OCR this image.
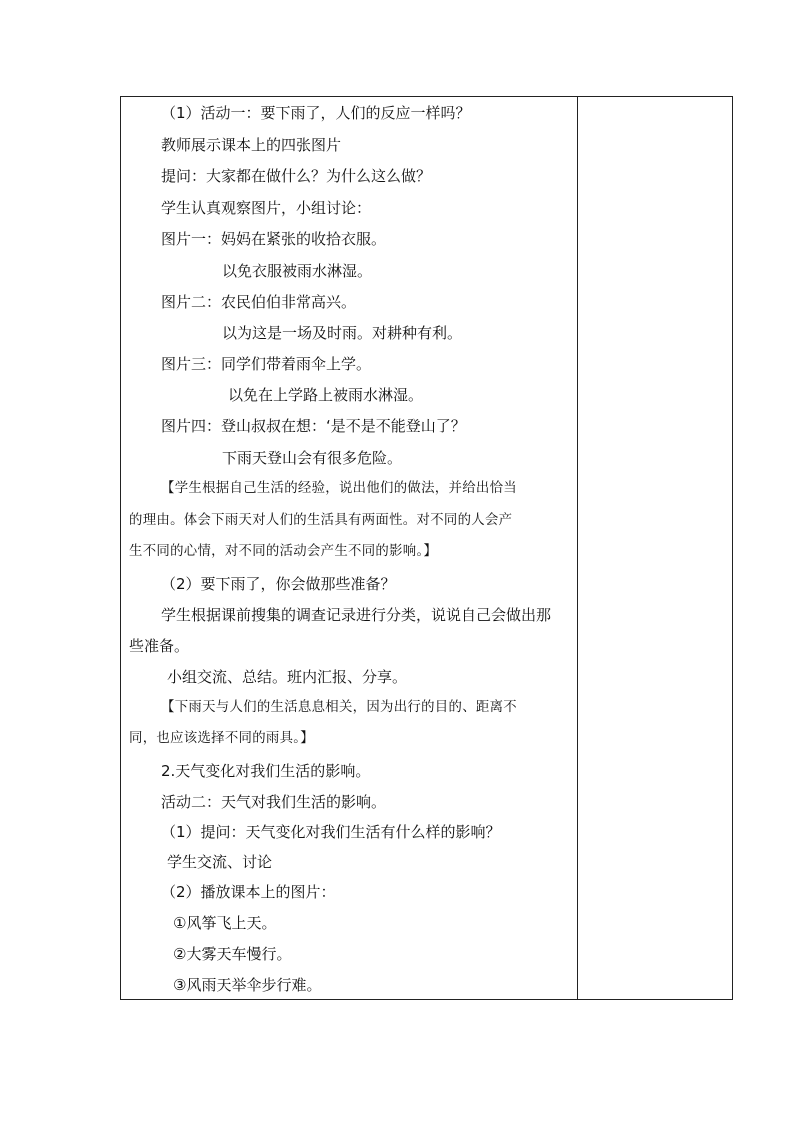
（1）活动一：要下雨了，人们的反应一样吗？
教师展示课本上的四张图片
提问：大家都在做什么？为什么这么做？
学生认真观察图片，小组讨论：
图片一：妈妈在紧张的收拾衣服。
以免衣服被雨水淋湿。
图片二：农民伯伯非常高兴。
以为这是一场及时雨。对耕种有利。
图片三：同学们带着雨伞上学。
以免在上学路上被雨水淋湿。
图片四：登山叔叔在想：‘是不是不能登山了？
下雨天登山会有很多危险。
【学生根据自己生活的经验，说出他们的做法，并给出恰当
的理由。体会下雨天对人们的生活具有两面性。对不同的人会产
生不同的心情，对不同的活动会产生不同的影响。】
（2）要下雨了，你会做那些准备？
学生根据课前搜集的调查记录进行分类，说说自己会做出那
些准备。
小组交流、总结。班内汇报、分享。
【下雨天与人们的生活息息相关，因为出行的目的、距离不
同，也应该选择不同的雨具。】
2.天气变化对我们生活的影响。
活动二：天气对我们生活的影响。
（1）提问：天气变化对我们生活有什么样的影响？
学生交流、讨论
（2）播放课本上的图片：
①风筝飞上天。
②大雾天车慢行。
③风雨天举伞步行难。
